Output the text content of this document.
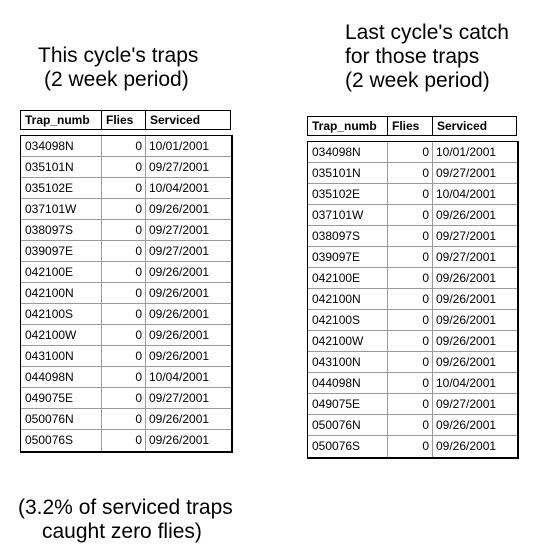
This cycle's traps
(2 week period)
Last cycle's catch
for those traps
(2 week period)
Trap_numb	Flies	Serviced
034098N	0 10/01/2001
035101N	0 09/27/2001
035102E	0 10/04/2001
037101W	0 09/26/2001
038097S	0 09/27/2001
039097E	0 09/27/2001
042100E	0 09/26/2001
042100N	0 09/26/2001
042100S	0 09/26/2001
042100W	0 09/26/2001
043100N	0 09/26/2001
044098N	0 10/04/2001
049075E	0 09/27/2001
050076N	0 09/26/2001
050076S	0 09/26/2001
Trap_numb	Flies	Serviced
034098N	0 10/01/2001
035101N	0 09/27/2001
035102E	0 10/04/2001
037101W	0 09/26/2001
038097S	0 09/27/2001
039097E	0 09/27/2001
042100E	0 09/26/2001
042100N	0 09/26/2001
042100S	0 09/26/2001
042100W	0 09/26/2001
043100N	0 09/26/2001
044098N	0 10/04/2001
049075E	0 09/27/2001
050076N	0 09/26/2001
050076S	0 09/26/2001
(3.2% of serviced traps
caught zero flies)
